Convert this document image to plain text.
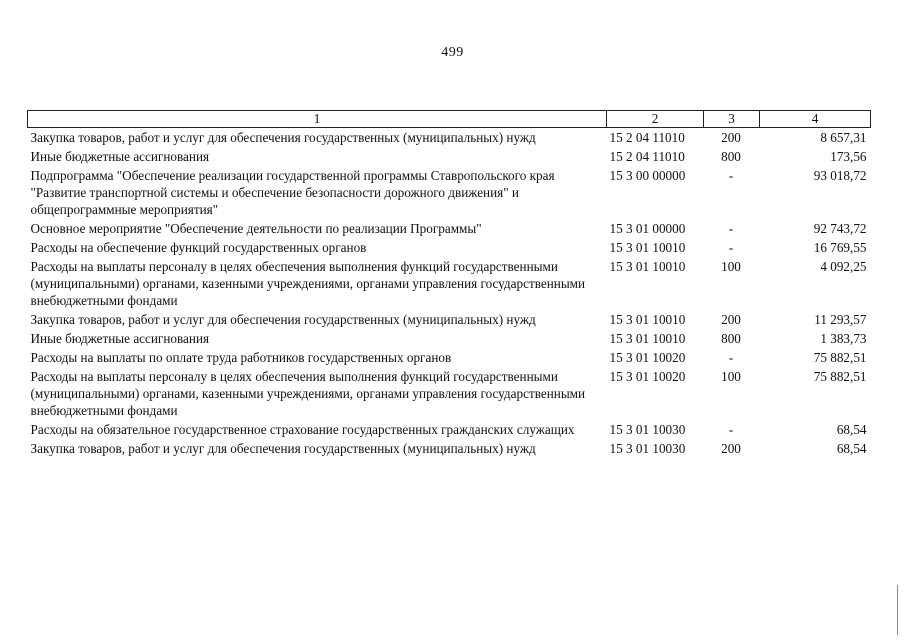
499
1	2	3	4
Закупка товаров, работ и услуг для обеспечения государственных (муниципальных) нужд	15 2 04 11010	200	8 657,31
Иные бюджетные ассигнования	15 2 04 11010	800	173,56
Подпрограмма "Обеспечение реализации государственной программы Ставропольского края "Развитие транспортной системы и обеспечение безопасности дорожного движения" и общепрограммные мероприятия"	15 3 00 00000	-	93 018,72
Основное мероприятие "Обеспечение деятельности по реализации Программы"	15 3 01 00000	-	92 743,72
Расходы на обеспечение функций государственных органов	15 3 01 10010	-	16 769,55
Расходы на выплаты персоналу в целях обеспечения выполнения функций государственными (муниципальными) органами, казенными учреждениями, органами управления государственными внебюджетными фондами	15 3 01 10010	100	4 092,25
Закупка товаров, работ и услуг для обеспечения государственных (муниципальных) нужд	15 3 01 10010	200	11 293,57
Иные бюджетные ассигнования	15 3 01 10010	800	1 383,73
Расходы на выплаты по оплате труда работников государственных органов	15 3 01 10020	-	75 882,51
Расходы на выплаты персоналу в целях обеспечения выполнения функций государственными (муниципальными) органами, казенными учреждениями, органами управления государственными внебюджетными фондами	15 3 01 10020	100	75 882,51
Расходы на обязательное государственное страхование государственных гражданских служащих	15 3 01 10030	-	68,54
Закупка товаров, работ и услуг для обеспечения государственных (муниципальных) нужд	15 3 01 10030	200	68,54
